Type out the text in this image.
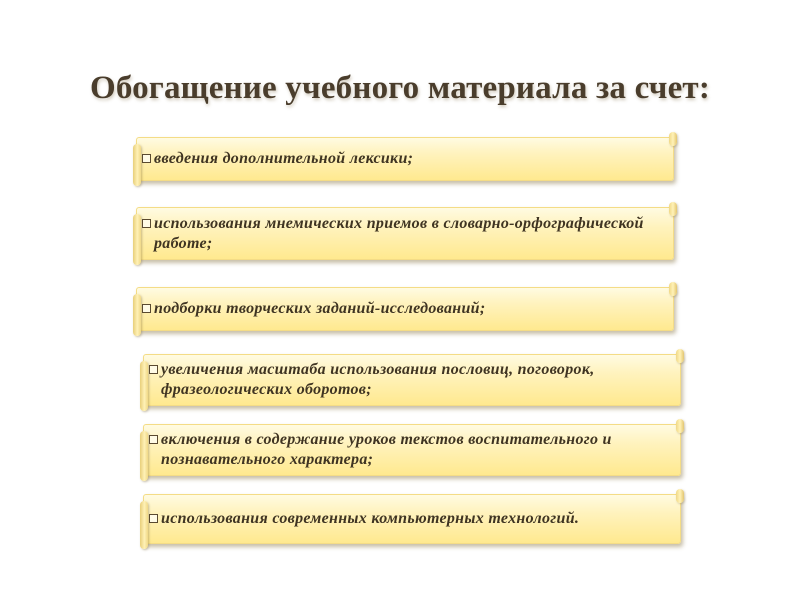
Обогащение учебного материала за счет:
введения дополнительной лексики;
использования мнемических приемов в словарно-орфографической работе;
подборки творческих заданий-исследований;
увеличения масштаба использования пословиц, поговорок, фразеологических оборотов;
включения в содержание уроков текстов воспитательного и познавательного характера;
использования современных компьютерных технологий.
